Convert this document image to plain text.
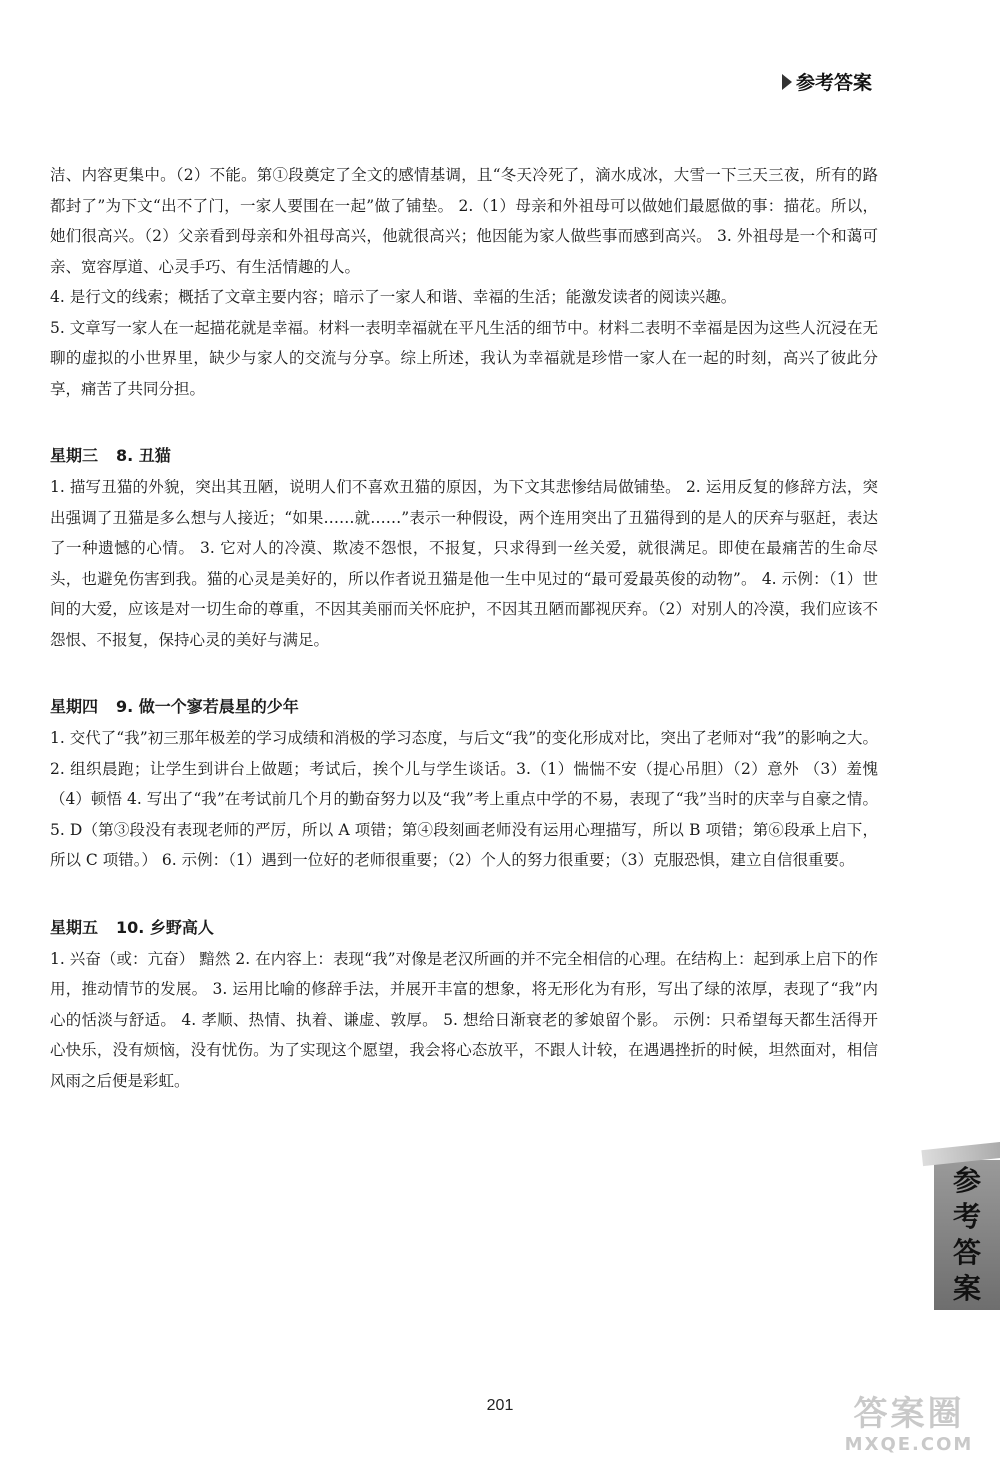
参考答案

洁、内容更集中。（2）不能。第①段奠定了全文的感情基调，且“冬天冷死了，滴水成冰，大雪一下三天三夜，所有的路都封了”为下文“出不了门，一家人要围在一起”做了铺垫。 2.（1）母亲和外祖母可以做她们最愿做的事：描花。所以，她们很高兴。（2）父亲看到母亲和外祖母高兴，他就很高兴；他因能为家人做些事而感到高兴。 3. 外祖母是一个和蔼可亲、宽容厚道、心灵手巧、有生活情趣的人。

4. 是行文的线索；概括了文章主要内容；暗示了一家人和谐、幸福的生活；能激发读者的阅读兴趣。

5. 文章写一家人在一起描花就是幸福。材料一表明幸福就在平凡生活的细节中。材料二表明不幸福是因为这些人沉浸在无聊的虚拟的小世界里，缺少与家人的交流与分享。综上所述，我认为幸福就是珍惜一家人在一起的时刻，高兴了彼此分享，痛苦了共同分担。

星期三 8. 丑猫

1. 描写丑猫的外貌，突出其丑陋，说明人们不喜欢丑猫的原因，为下文其悲惨结局做铺垫。 2. 运用反复的修辞方法，突出强调了丑猫是多么想与人接近；“如果……就……”表示一种假设，两个连用突出了丑猫得到的是人的厌弃与驱赶，表达了一种遗憾的心情。 3. 它对人的冷漠、欺凌不怨恨，不报复，只求得到一丝关爱，就很满足。即使在最痛苦的生命尽头，也避免伤害到我。猫的心灵是美好的，所以作者说丑猫是他一生中见过的“最可爱最英俊的动物”。 4. 示例：（1）世间的大爱，应该是对一切生命的尊重，不因其美丽而关怀庇护，不因其丑陋而鄙视厌弃。（2）对别人的冷漠，我们应该不怨恨、不报复，保持心灵的美好与满足。

星期四 9. 做一个寥若晨星的少年

1. 交代了“我”初三那年极差的学习成绩和消极的学习态度，与后文“我”的变化形成对比，突出了老师对“我”的影响之大。 2. 组织晨跑；让学生到讲台上做题；考试后，挨个儿与学生谈话。3.（1）惴惴不安（提心吊胆）（2）意外 （3）羞愧 （4）顿悟 4. 写出了“我”在考试前几个月的勤奋努力以及“我”考上重点中学的不易，表现了“我”当时的庆幸与自豪之情。 5. D（第③段没有表现老师的严厉，所以 A 项错；第④段刻画老师没有运用心理描写，所以 B 项错；第⑥段承上启下，所以 C 项错。） 6. 示例：（1）遇到一位好的老师很重要；（2）个人的努力很重要；（3）克服恐惧，建立自信很重要。

星期五 10. 乡野高人

1. 兴奋（或：亢奋） 黯然 2. 在内容上：表现“我”对像是老汉所画的并不完全相信的心理。在结构上：起到承上启下的作用，推动情节的发展。 3. 运用比喻的修辞手法，并展开丰富的想象，将无形化为有形，写出了绿的浓厚，表现了“我”内心的恬淡与舒适。 4. 孝顺、热情、执着、谦虚、敦厚。 5. 想给日渐衰老的爹娘留个影。 示例：只希望每天都生活得开心快乐，没有烦恼，没有忧伤。为了实现这个愿望，我会将心态放平，不跟人计较，在遇遇挫折的时候，坦然面对，相信风雨之后便是彩虹。

参
考
答
案
201	答案圈
MXQE.COM
